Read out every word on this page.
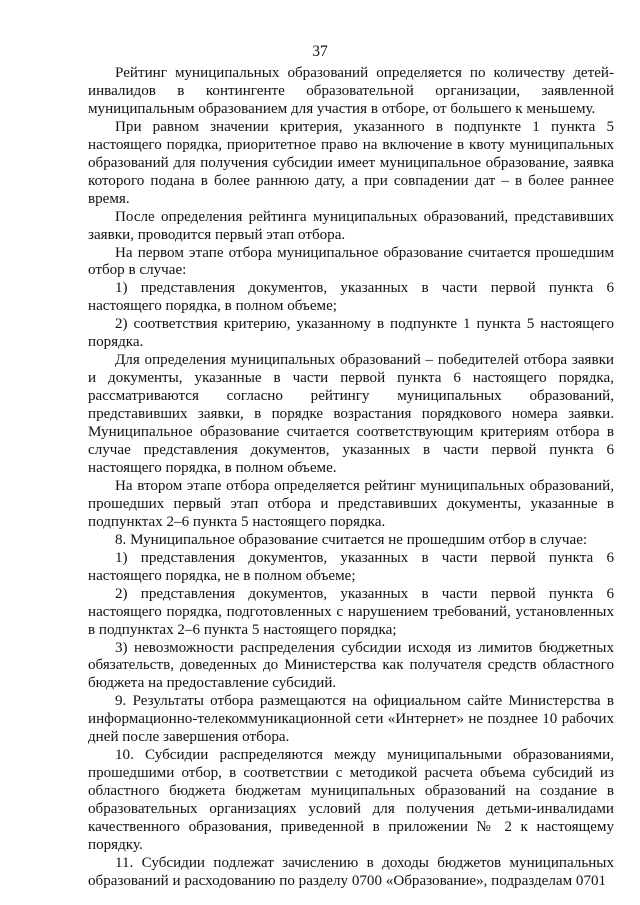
37

Рейтинг муниципальных образований определяется по количеству детей-инвалидов в контингенте образовательной организации, заявленной муниципальным образованием для участия в отборе, от большего к меньшему.

При равном значении критерия, указанного в подпункте 1 пункта 5 настоящего порядка, приоритетное право на включение в квоту муниципальных образований для получения субсидии имеет муниципальное образование, заявка которого подана в более раннюю дату, а при совпадении дат – в более раннее время.

После определения рейтинга муниципальных образований, представивших заявки, проводится первый этап отбора.

На первом этапе отбора муниципальное образование считается прошедшим отбор в случае:

1) представления документов, указанных в части первой пункта 6 настоящего порядка, в полном объеме;

2) соответствия критерию, указанному в подпункте 1 пункта 5 настоящего порядка.

Для определения муниципальных образований – победителей отбора заявки и документы, указанные в части первой пункта 6 настоящего порядка, рассматриваются согласно рейтингу муниципальных образований, представивших заявки, в порядке возрастания порядкового номера заявки. Муниципальное образование считается соответствующим критериям отбора в случае представления документов, указанных в части первой пункта 6 настоящего порядка, в полном объеме.

На втором этапе отбора определяется рейтинг муниципальных образований, прошедших первый этап отбора и представивших документы, указанные в подпунктах 2–6 пункта 5 настоящего порядка.

8. Муниципальное образование считается не прошедшим отбор в случае:

1) представления документов, указанных в части первой пункта 6 настоящего порядка, не в полном объеме;

2) представления документов, указанных в части первой пункта 6 настоящего порядка, подготовленных с нарушением требований, установленных в подпунктах 2–6 пункта 5 настоящего порядка;

3) невозможности распределения субсидии исходя из лимитов бюджетных обязательств, доведенных до Министерства как получателя средств областного бюджета на предоставление субсидий.

9. Результаты отбора размещаются на официальном сайте Министерства в информационно-телекоммуникационной сети «Интернет» не позднее 10 рабочих дней после завершения отбора.

10. Субсидии распределяются между муниципальными образованиями, прошедшими отбор, в соответствии с методикой расчета объема субсидий из областного бюджета бюджетам муниципальных образований на создание в образовательных организациях условий для получения детьми-инвалидами качественного образования, приведенной в приложении № 2 к настоящему порядку.

11. Субсидии подлежат зачислению в доходы бюджетов муниципальных образований и расходованию по разделу 0700 «Образование», подразделам 0701
